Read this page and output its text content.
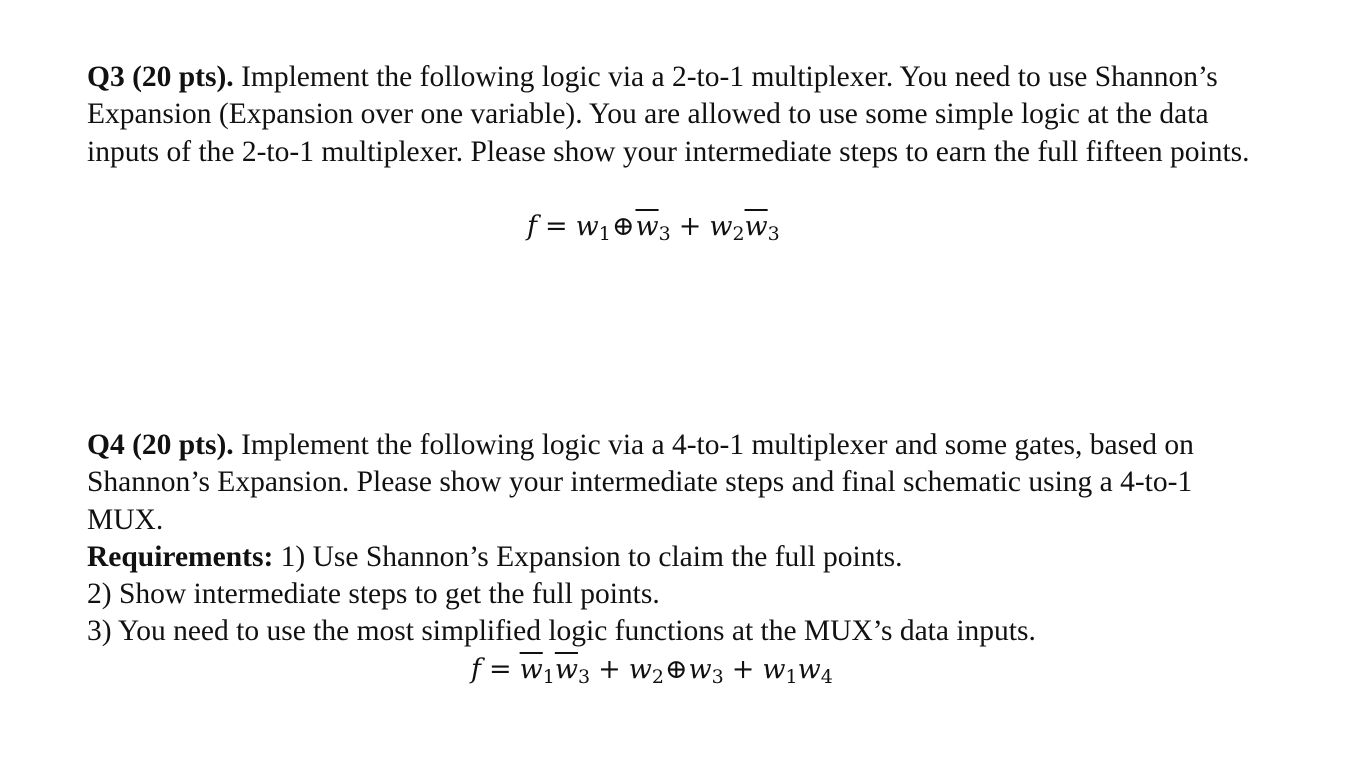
Q3 (20 pts). Implement the following logic via a 2-to-1 multiplexer. You need to use Shannon’s Expansion (Expansion over one variable). You are allowed to use some simple logic at the data inputs of the 2-to-1 multiplexer. Please show your intermediate steps to earn the full fifteen points.

$f = w_1\oplus\overline{w}_3 + w_2\overline{w}_3$

Q4 (20 pts). Implement the following logic via a 4-to-1 multiplexer and some gates, based on Shannon’s Expansion. Please show your intermediate steps and final schematic using a 4-to-1 MUX.

Requirements: 1) Use Shannon’s Expansion to claim the full points.

2) Show intermediate steps to get the full points.

3) You need to use the most simplified logic functions at the MUX’s data inputs.

$f = \overline{w}_1\overline{w}_3$ + $w_2\oplus w_3 + w_1w_4$
